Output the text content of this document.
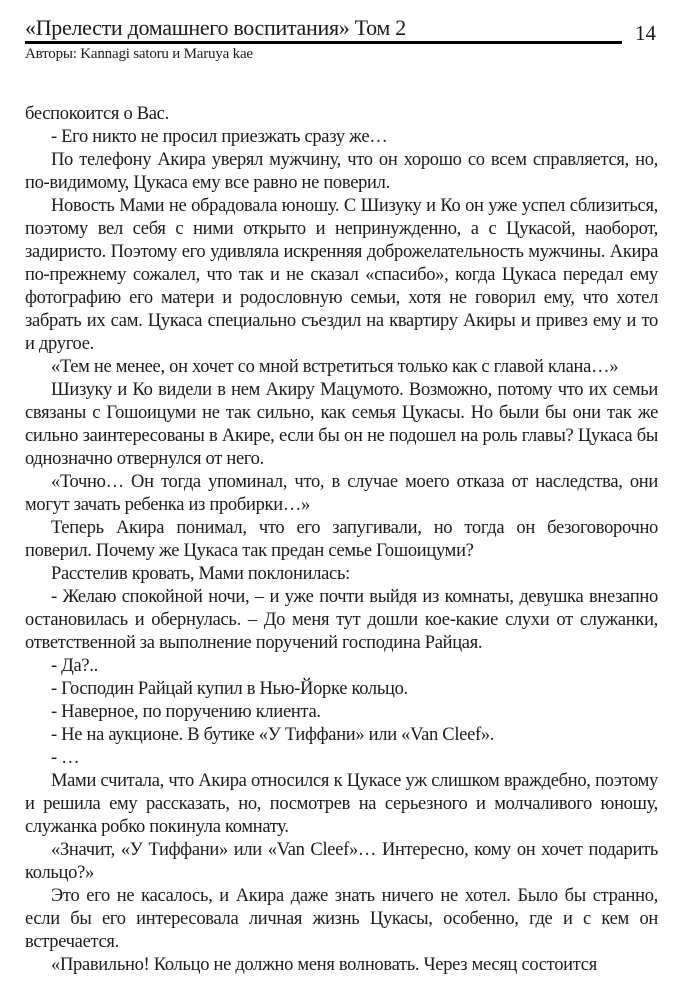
«Прелести домашнего воспитания» Том 2	14
Авторы: Kannagi satoru и Maruya kae

беспокоится о Вас.

- Его никто не просил приезжать сразу же…

По телефону Акира уверял мужчину, что он хорошо со всем справляется, но, по-видимому, Цукаса ему все равно не поверил.

Новость Мами не обрадовала юношу. С Шизуку и Ко он уже успел сблизиться, поэтому вел себя с ними открыто и непринужденно, а с Цукасой, наоборот, задиристо. Поэтому его удивляла искренняя доброжелательность мужчины. Акира по-прежнему сожалел, что так и не сказал «спасибо», когда Цукаса передал ему фотографию его матери и родословную семьи, хотя не говорил ему, что хотел забрать их сам. Цукаса специально съездил на квартиру Акиры и привез ему и то и другое.

«Тем не менее, он хочет со мной встретиться только как с главой клана…»

Шизуку и Ко видели в нем Акиру Мацумото. Возможно, потому что их семьи связаны с Гошоицуми не так сильно, как семья Цукасы. Но были бы они так же сильно заинтересованы в Акире, если бы он не подошел на роль главы? Цукаса бы однозначно отвернулся от него.

«Точно… Он тогда упоминал, что, в случае моего отказа от наследства, они могут зачать ребенка из пробирки…»

Теперь Акира понимал, что его запугивали, но тогда он безоговорочно поверил. Почему же Цукаса так предан семье Гошоицуми?

Расстелив кровать, Мами поклонилась:

- Желаю спокойной ночи, – и уже почти выйдя из комнаты, девушка внезапно остановилась и обернулась. – До меня тут дошли кое-какие слухи от служанки, ответственной за выполнение поручений господина Райцая.

- Да?..

- Господин Райцай купил в Нью-Йорке кольцо.

- Наверное, по поручению клиента.

- Не на аукционе. В бутике «У Тиффани» или «Van Cleef».

- …

Мами считала, что Акира относился к Цукасе уж слишком враждебно, поэтому и решила ему рассказать, но, посмотрев на серьезного и молчаливого юношу, служанка робко покинула комнату.

«Значит, «У Тиффани» или «Van Cleef»… Интересно, кому он хочет подарить кольцо?»

Это его не касалось, и Акира даже знать ничего не хотел. Было бы странно, если бы его интересовала личная жизнь Цукасы, особенно, где и с кем он встречается.

«Правильно! Кольцо не должно меня волновать. Через месяц состоится
